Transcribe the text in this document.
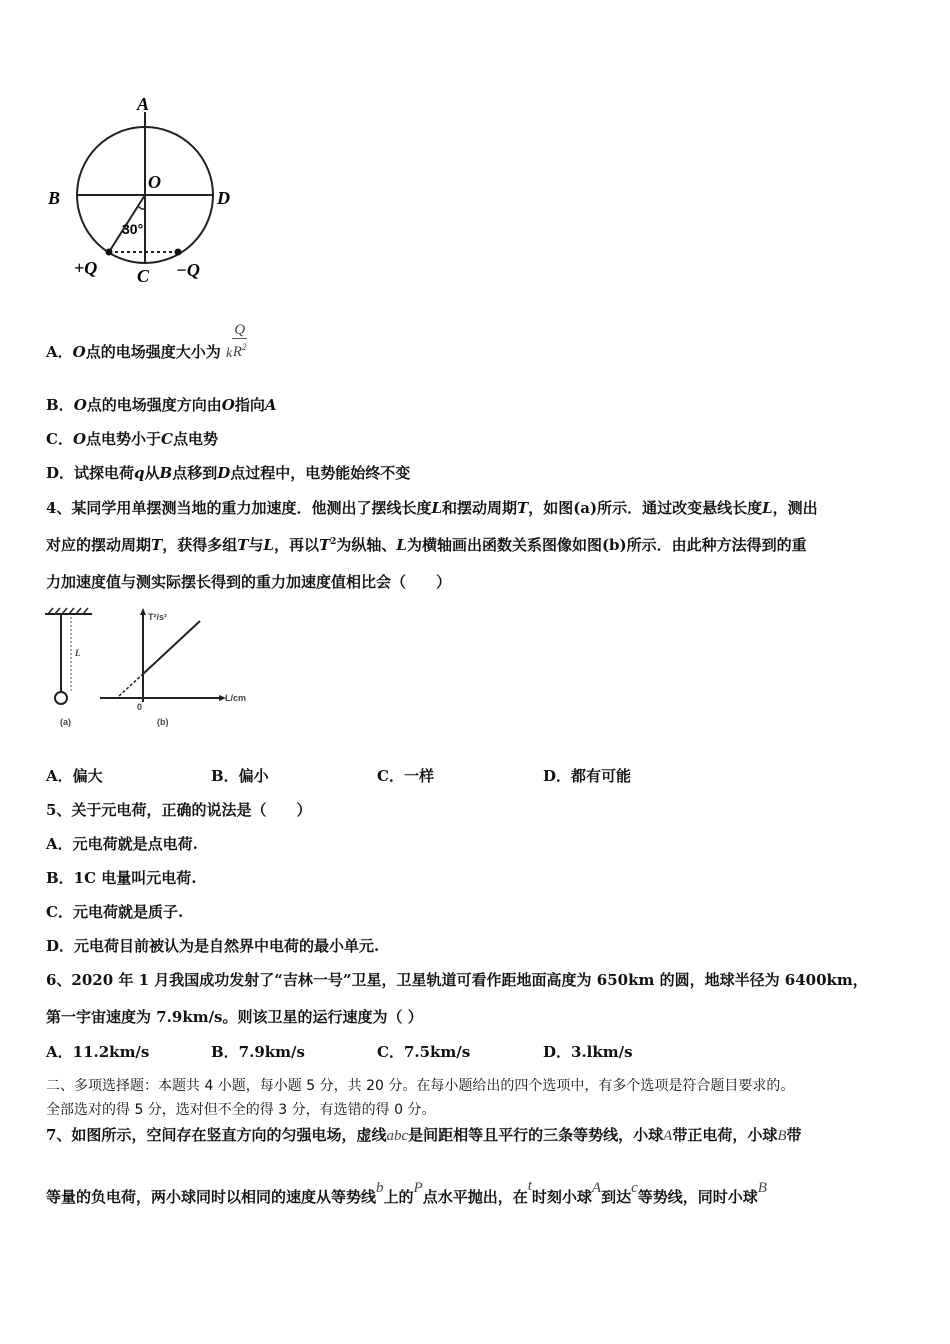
A
B
O
D
30°
+Q C −Q
A．O点的电场强度大小为 k $\frac{Q}{R^2}$
B．O点的电场强度方向由O指向A
C．O点电势小于C点电势
D．试探电荷q从B点移到D点过程中，电势能始终不变
4、某同学用单摆测当地的重力加速度．他测出了摆线长度L和摆动周期T，如图(a)所示．通过改变悬线长度L，测出
对应的摆动周期T，获得多组T与L，再以$T^2$为纵轴、L为横轴画出函数关系图像如图(b)所示．由此种方法得到的重
力加速度值与测实际摆长得到的重力加速度值相比会（　　）
L
(a)
T²/s²
L/cm
0
(b)
A．偏大	B．偏小	C．一样	D．都有可能
5、关于元电荷，正确的说法是（　　）
A．元电荷就是点电荷.
B．1C 电量叫元电荷.
C．元电荷就是质子.
D．元电荷目前被认为是自然界中电荷的最小单元.
6、2020 年 1 月我国成功发射了“吉林一号”卫星，卫星轨道可看作距地面高度为 650km 的圆，地球半径为 6400km，
第一宇宙速度为 7.9km/s。则该卫星的运行速度为（ ）
A．11.2km/s	B．7.9km/s	C．7.5km/s	D．3.lkm/s
二、多项选择题：本题共 4 小题，每小题 5 分，共 20 分。在每小题给出的四个选项中，有多个选项是符合题目要求的。
全部选对的得 5 分，选对但不全的得 3 分，有选错的得 0 分。
7、如图所示，空间存在竖直方向的匀强电场，虚线abc是间距相等且平行的三条等势线，小球A带正电荷，小球B带
等量的负电荷，两小球同时以相同的速度从等势线b上的P点水平抛出，在t时刻小球A到达c等势线，同时小球B
